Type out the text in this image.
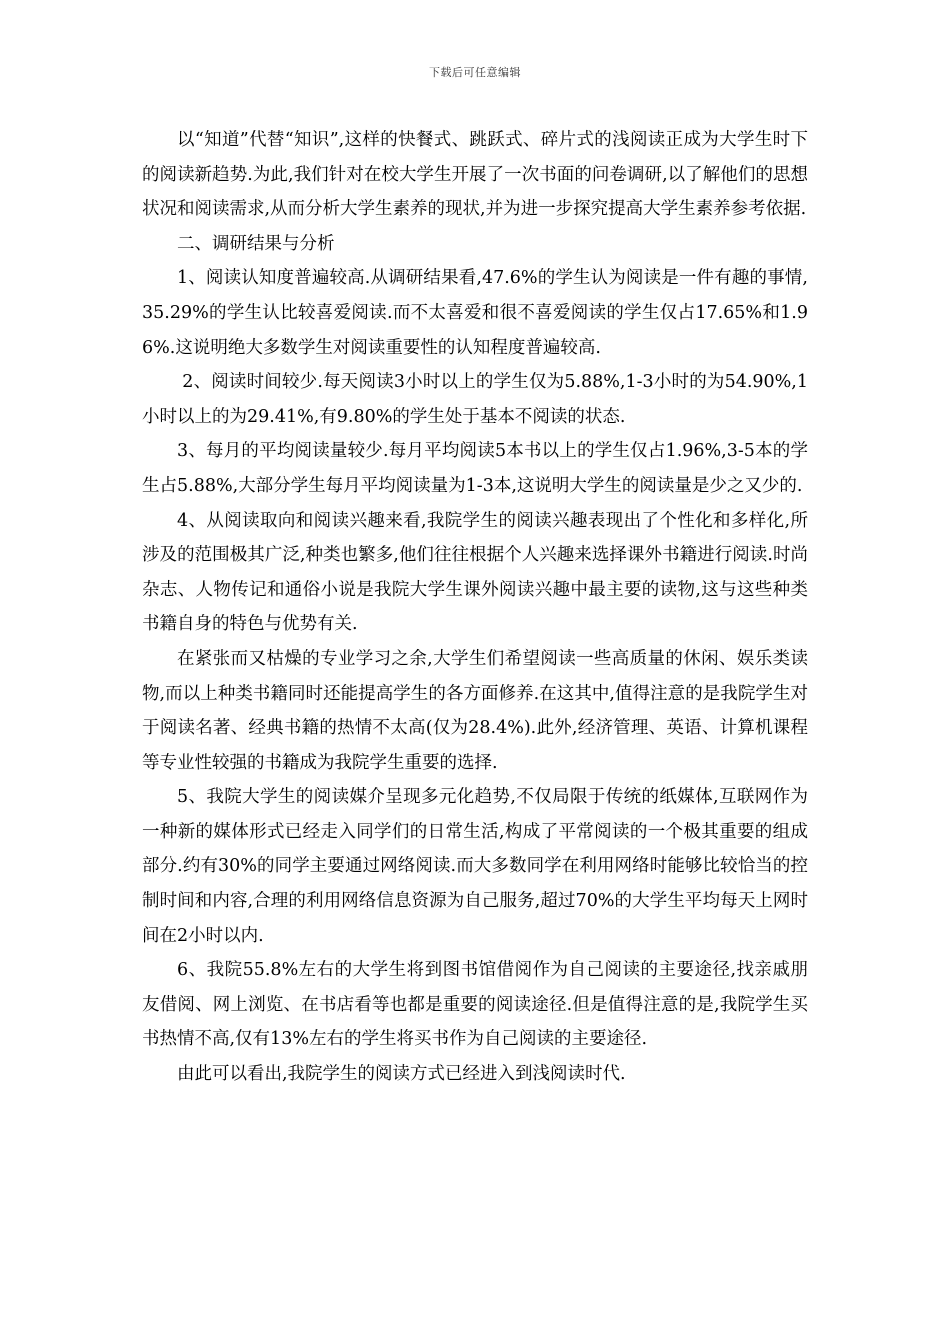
下载后可任意编辑

以“知道”代替“知识”,这样的快餐式、跳跃式、碎片式的浅阅读正成为大学生时下的阅读新趋势.为此,我们针对在校大学生开展了一次书面的问卷调研,以了解他们的思想状况和阅读需求,从而分析大学生素养的现状,并为进一步探究提高大学生素养参考依据.

二、调研结果与分析

1、阅读认知度普遍较高.从调研结果看,47.6%的学生认为阅读是一件有趣的事情,35.29%的学生认比较喜爱阅读.而不太喜爱和很不喜爱阅读的学生仅占17.65%和1.96%.这说明绝大多数学生对阅读重要性的认知程度普遍较高.

2、阅读时间较少.每天阅读3小时以上的学生仅为5.88%,1-3小时的为54.90%,1小时以上的为29.41%,有9.80%的学生处于基本不阅读的状态.

3、每月的平均阅读量较少.每月平均阅读5本书以上的学生仅占1.96%,3-5本的学生占5.88%,大部分学生每月平均阅读量为1-3本,这说明大学生的阅读量是少之又少的.

4、从阅读取向和阅读兴趣来看,我院学生的阅读兴趣表现出了个性化和多样化,所涉及的范围极其广泛,种类也繁多,他们往往根据个人兴趣来选择课外书籍进行阅读.时尚杂志、人物传记和通俗小说是我院大学生课外阅读兴趣中最主要的读物,这与这些种类书籍自身的特色与优势有关.

在紧张而又枯燥的专业学习之余,大学生们希望阅读一些高质量的休闲、娱乐类读物,而以上种类书籍同时还能提高学生的各方面修养.在这其中,值得注意的是我院学生对于阅读名著、经典书籍的热情不太高(仅为28.4%).此外,经济管理、英语、计算机课程等专业性较强的书籍成为我院学生重要的选择.

5、我院大学生的阅读媒介呈现多元化趋势,不仅局限于传统的纸媒体,互联网作为一种新的媒体形式已经走入同学们的日常生活,构成了平常阅读的一个极其重要的组成部分.约有30%的同学主要通过网络阅读.而大多数同学在利用网络时能够比较恰当的控制时间和内容,合理的利用网络信息资源为自己服务,超过70%的大学生平均每天上网时间在2小时以内.

6、我院55.8%左右的大学生将到图书馆借阅作为自己阅读的主要途径,找亲戚朋友借阅、网上浏览、在书店看等也都是重要的阅读途径.但是值得注意的是,我院学生买书热情不高,仅有13%左右的学生将买书作为自己阅读的主要途径.

由此可以看出,我院学生的阅读方式已经进入到浅阅读时代.
